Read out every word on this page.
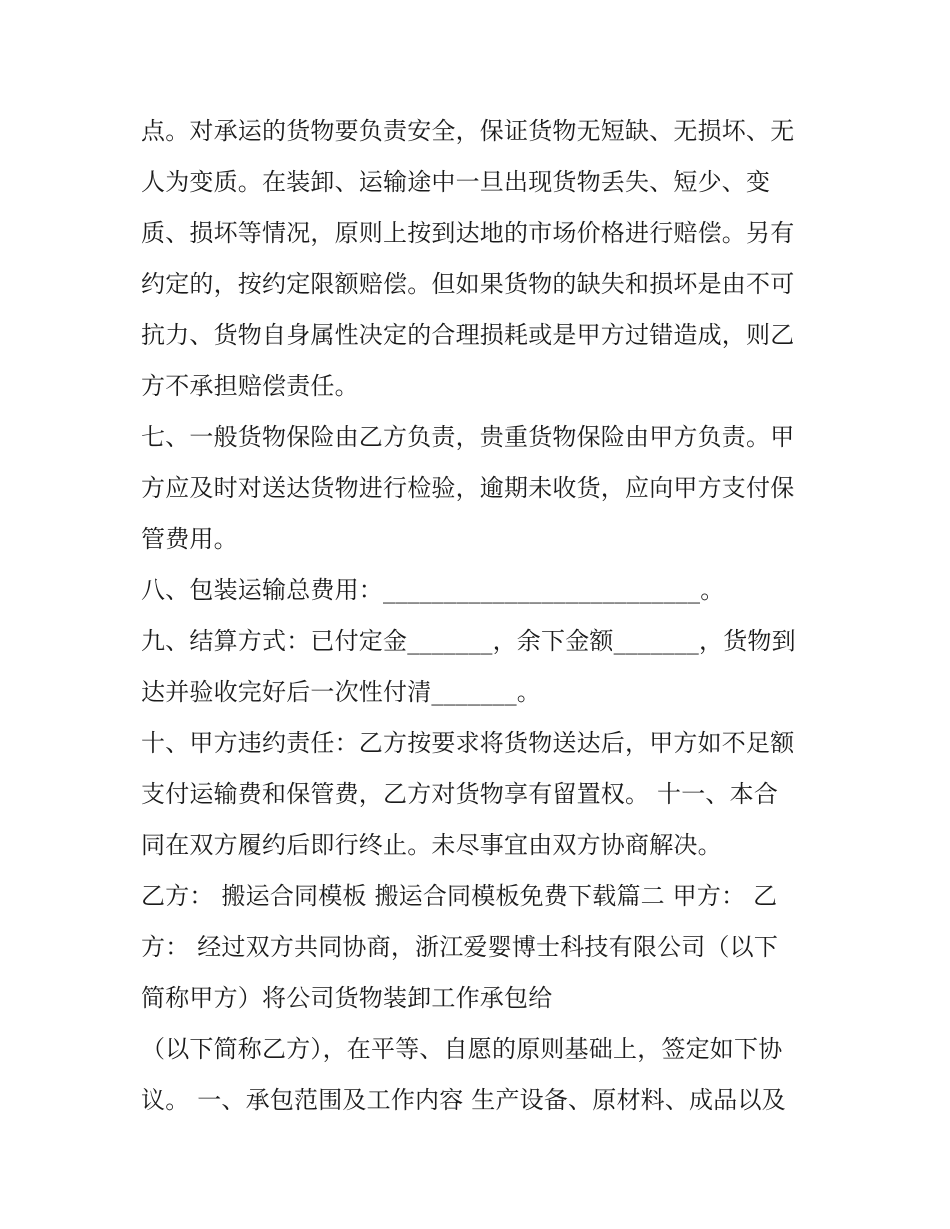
点。对承运的货物要负责安全，保证货物无短缺、无损坏、无
人为变质。在装卸、运输途中一旦出现货物丢失、短少、变
质、损坏等情况，原则上按到达地的市场价格进行赔偿。另有
约定的，按约定限额赔偿。但如果货物的缺失和损坏是由不可
抗力、货物自身属性决定的合理损耗或是甲方过错造成，则乙
方不承担赔偿责任。
七、一般货物保险由乙方负责，贵重货物保险由甲方负责。甲
方应及时对送达货物进行检验，逾期未收货，应向甲方支付保
管费用。
八、包装运输总费用：__________________________。
九、结算方式：已付定金_______，余下金额_______，货物到
达并验收完好后一次性付清_______。
十、甲方违约责任：乙方按要求将货物送达后，甲方如不足额
支付运输费和保管费，乙方对货物享有留置权。 十一、本合
同在双方履约后即行终止。未尽事宜由双方协商解决。
乙方： 搬运合同模板 搬运合同模板免费下载篇二 甲方： 乙
方： 经过双方共同协商，浙江爱婴博士科技有限公司（以下
简称甲方）将公司货物装卸工作承包给
（以下简称乙方），在平等、自愿的原则基础上，签定如下协
议。 一、承包范围及工作内容 生产设备、原材料、成品以及
